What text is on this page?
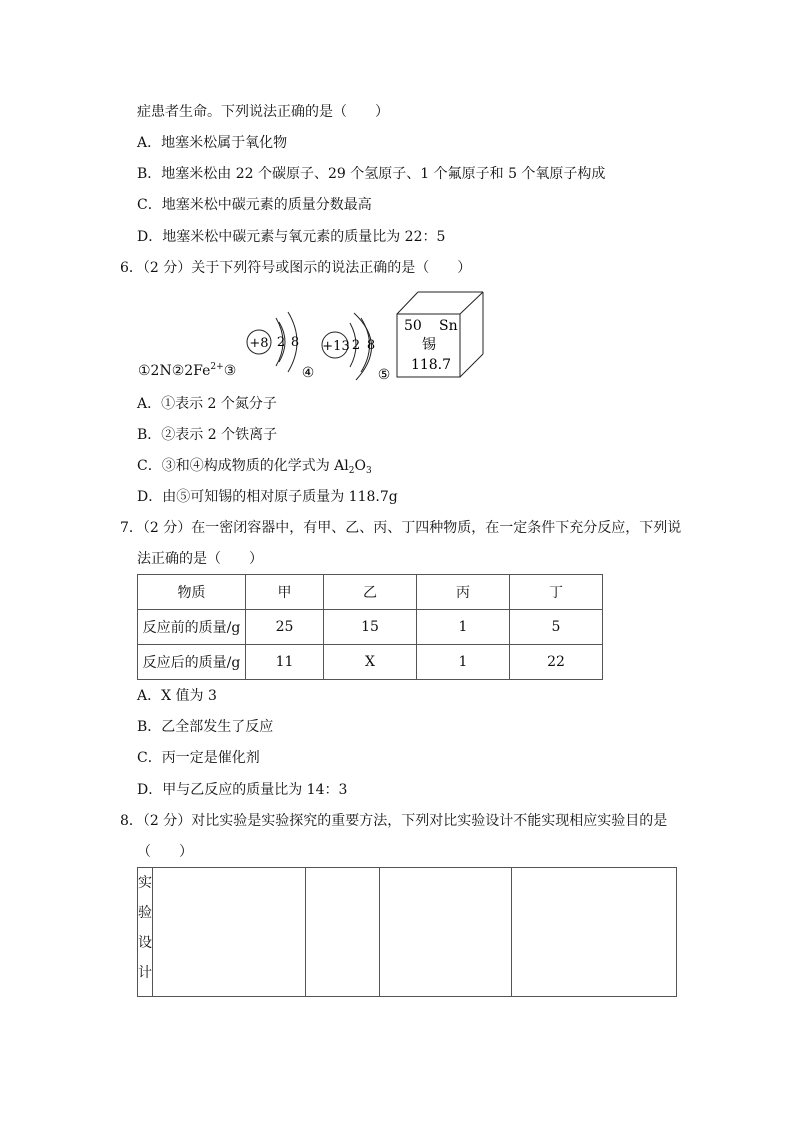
症患者生命。下列说法正确的是（　　）
A．地塞米松属于氧化物
B．地塞米松由 22 个碳原子、29 个氢原子、1 个氟原子和 5 个氧原子构成
C．地塞米松中碳元素的质量分数最高
D．地塞米松中碳元素与氧元素的质量比为 22：5
6．（2 分）关于下列符号或图示的说法正确的是（　　）
$①2N②2Fe^{2+}③$
+8 2 8
④
+13 2 8
⑤
50 Sn
锡
118.7
A．①表示 2 个氮分子
B．②表示 2 个铁离子
C．③和④构成物质的化学式为 $Al_2O_3$
D．由⑤可知锡的相对原子质量为 118.7g
7．（2 分）在一密闭容器中，有甲、乙、丙、丁四种物质，在一定条件下充分反应，下列说
法正确的是（　　）
物质	甲	乙	丙	丁
反应前的质量/g	25	15	1	5
反应后的质量/g	11	X	1	22
A．X 值为 3
B．乙全部发生了反应
C．丙一定是催化剂
D．甲与乙反应的质量比为 14：3
8．（2 分）对比实验是实验探究的重要方法，下列对比实验设计不能实现相应实验目的是
（　　）
实
验
设
计
